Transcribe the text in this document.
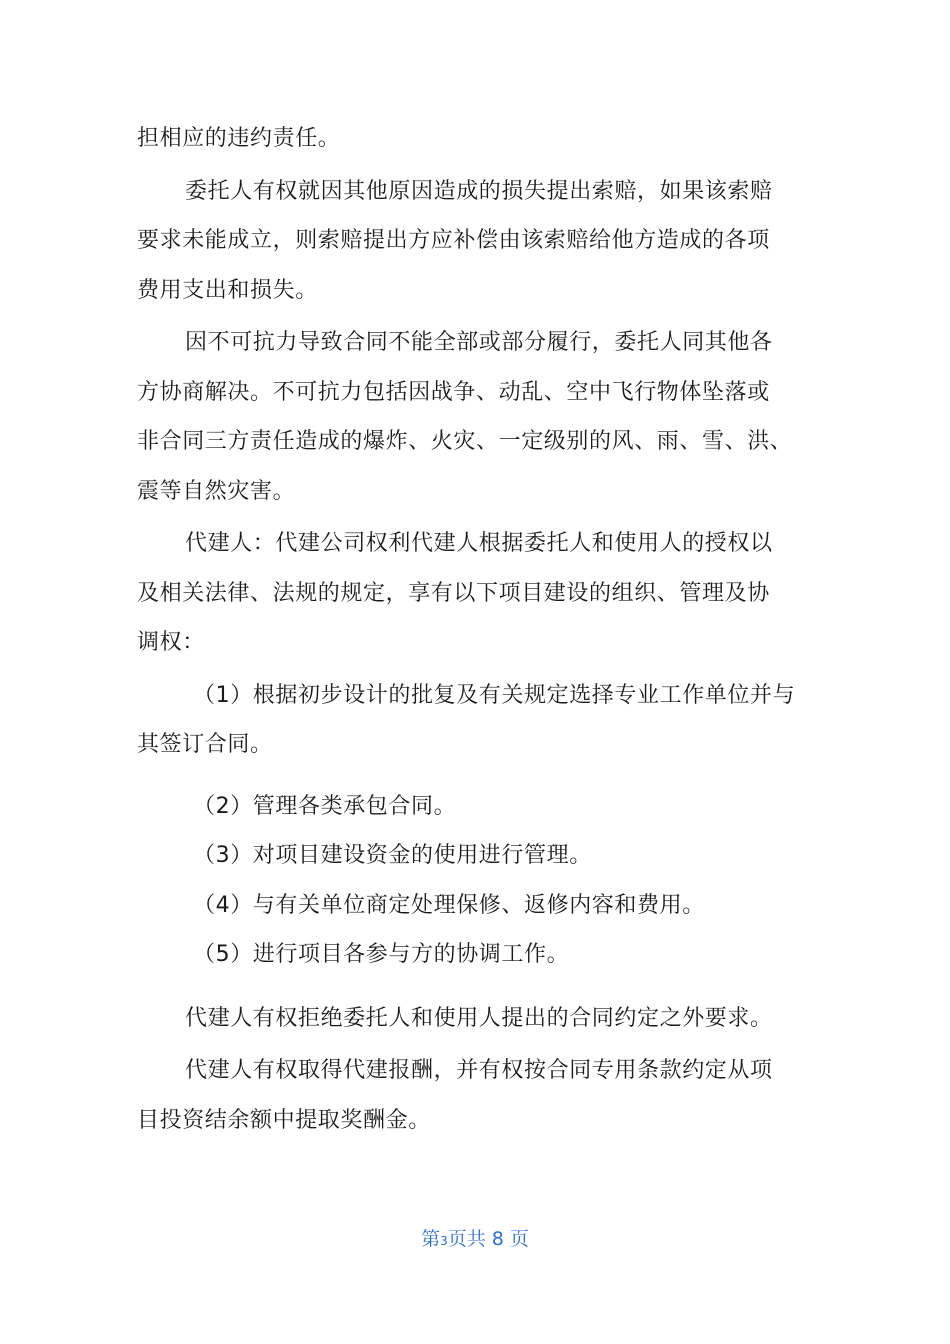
担相应的违约责任。
委托人有权就因其他原因造成的损失提出索赔，如果该索赔
要求未能成立，则索赔提出方应补偿由该索赔给他方造成的各项
费用支出和损失。
因不可抗力导致合同不能全部或部分履行，委托人同其他各
方协商解决。不可抗力包括因战争、动乱、空中飞行物体坠落或
非合同三方责任造成的爆炸、火灾、一定级别的风、雨、雪、洪、
震等自然灾害。
代建人：代建公司权利代建人根据委托人和使用人的授权以
及相关法律、法规的规定，享有以下项目建设的组织、管理及协
调权：
（1）根据初步设计的批复及有关规定选择专业工作单位并与
其签订合同。
（2）管理各类承包合同。
（3）对项目建设资金的使用进行管理。
（4）与有关单位商定处理保修、返修内容和费用。
（5）进行项目各参与方的协调工作。
代建人有权拒绝委托人和使用人提出的合同约定之外要求。
代建人有权取得代建报酬，并有权按合同专用条款约定从项
目投资结余额中提取奖酬金。
第3页共 8 页
